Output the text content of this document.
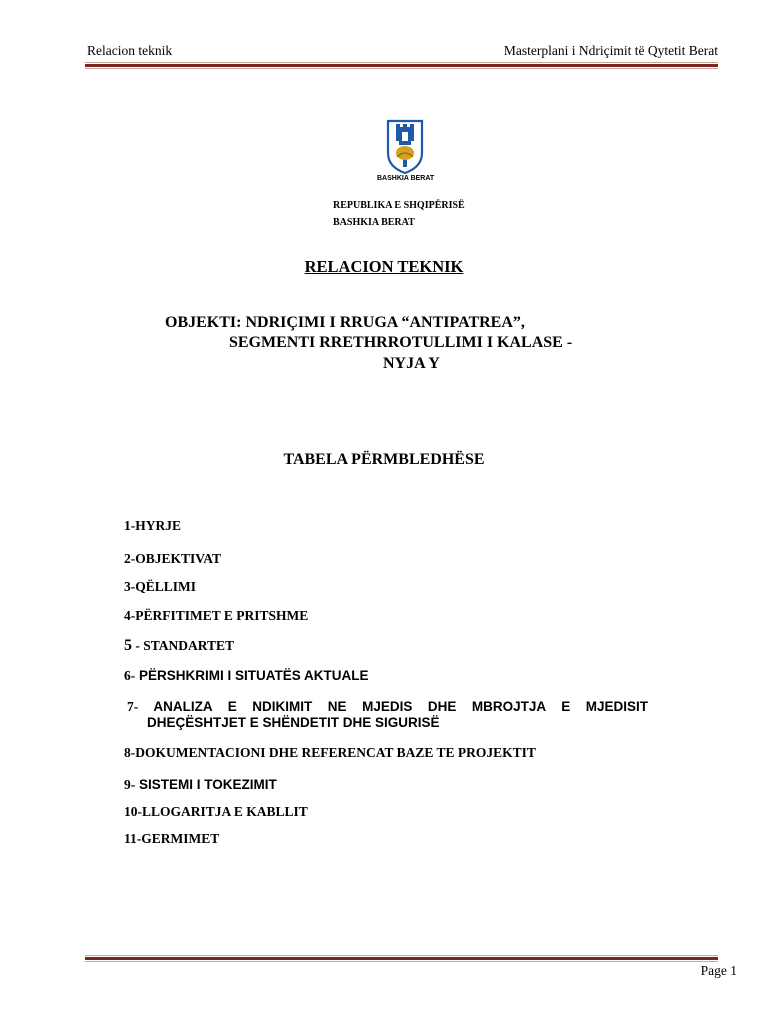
Relacion teknik	Masterplani i Ndriçimit të Qytetit Berat
BASHKIA BERAT
REPUBLIKA E SHQIPËRISË
BASHKIA BERAT
RELACION TEKNIK
OBJEKTI: NDRIÇIMI I RRUGA “ANTIPATREA”,
SEGMENTI RRETHRROTULLIMI I KALASE -
NYJA Y
TABELA PËRMBLEDHËSE
1-HYRJE
2-OBJEKTIVAT
3-QËLLIMI
4-PËRFITIMET E PRITSHME
5 - STANDARTET
6- PËRSHKRIMI I SITUATËS AKTUALE
7- ANALIZA E NDIKIMIT NE MJEDIS DHE MBROJTJA E MJEDISIT
DHEÇËSHTJET E SHËNDETIT DHE SIGURISË
8-DOKUMENTACIONI DHE REFERENCAT BAZE TE PROJEKTIT
9- SISTEMI I TOKEZIMIT
10-LLOGARITJA E KABLLIT
11-GERMIMET
Page 1
